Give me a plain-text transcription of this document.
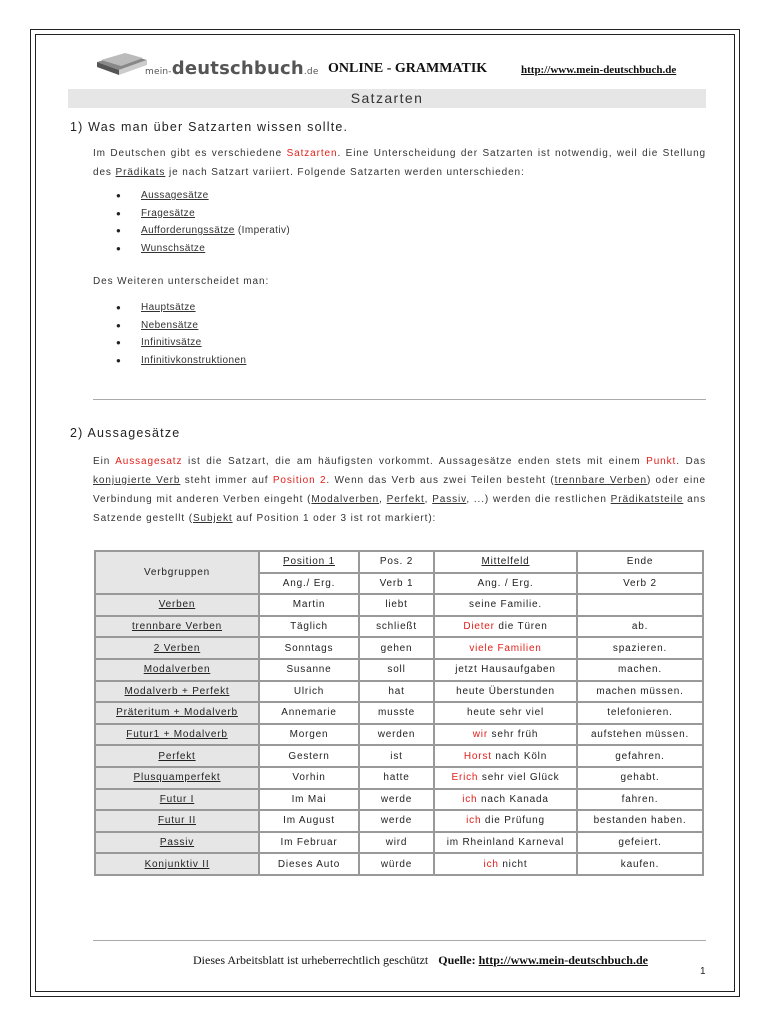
mein-deutschbuch.de ONLINE - GRAMMATIK	http://www.mein-deutschbuch.de
Satzarten
1) Was man über Satzarten wissen sollte.
Im Deutschen gibt es verschiedene Satzarten. Eine Unterscheidung der Satzarten ist notwendig, weil die Stellung des Prädikats je nach Satzart variiert. Folgende Satzarten werden unterschieden:
● Aussagesätze
● Fragesätze
● Aufforderungssätze (Imperativ)
● Wunschsätze
Des Weiteren unterscheidet man:
● Hauptsätze
● Nebensätze
● Infinitivsätze
● Infinitivkonstruktionen
2) Aussagesätze
Ein Aussagesatz ist die Satzart, die am häufigsten vorkommt. Aussagesätze enden stets mit einem Punkt. Das konjugierte Verb steht immer auf Position 2. Wenn das Verb aus zwei Teilen besteht (trennbare Verben) oder eine Verbindung mit anderen Verben eingeht (Modalverben, Perfekt, Passiv, ...) werden die restlichen Prädikatsteile ans Satzende gestellt (Subjekt auf Position 1 oder 3 ist rot markiert):
Verbgruppen	Position 1	Pos. 2	Mittelfeld	Ende
	Ang./ Erg.	Verb 1	Ang. / Erg.	Verb 2
Verben	Martin	liebt	seine Familie.	
trennbare Verben	Täglich	schließt	Dieter die Türen	ab.
2 Verben	Sonntags	gehen	viele Familien	spazieren.
Modalverben	Susanne	soll	jetzt Hausaufgaben	machen.
Modalverb + Perfekt	Ulrich	hat	heute Überstunden	machen müssen.
Präteritum + Modalverb	Annemarie	musste	heute sehr viel	telefonieren.
Futur1 + Modalverb	Morgen	werden	wir sehr früh	aufstehen müssen.
Perfekt	Gestern	ist	Horst nach Köln	gefahren.
Plusquamperfekt	Vorhin	hatte	Erich sehr viel Glück	gehabt.
Futur I	Im Mai	werde	ich nach Kanada	fahren.
Futur II	Im August	werde	ich die Prüfung	bestanden haben.
Passiv	Im Februar	wird	im Rheinland Karneval	gefeiert.
Konjunktiv II	Dieses Auto	würde	ich nicht	kaufen.
Dieses Arbeitsblatt ist urheberrechtlich geschützt Quelle: http://www.mein-deutschbuch.de
1
